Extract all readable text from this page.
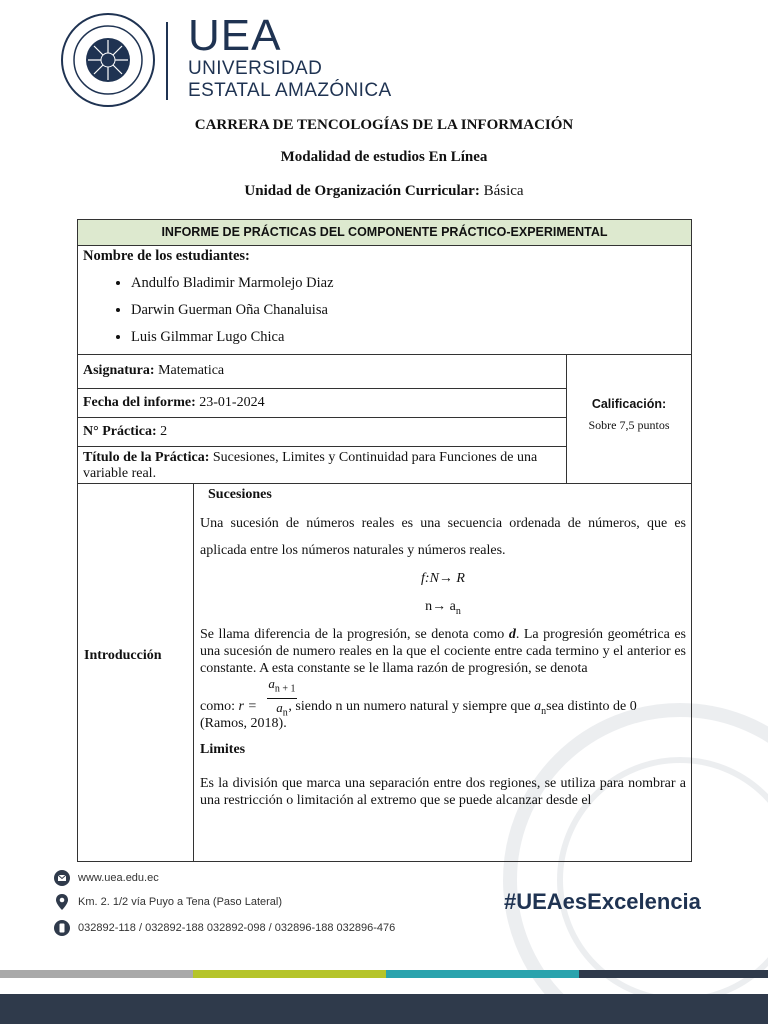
UEA
UNIVERSIDAD
ESTATAL AMAZÓNICA
CARRERA DE TENCOLOGÍAS DE LA INFORMACIÓN
Modalidad de estudios En Línea
Unidad de Organización Curricular: Básica
INFORME DE PRÁCTICAS DEL COMPONENTE PRÁCTICO-EXPERIMENTAL
Nombre de los estudiantes:
• Andulfo Bladimir Marmolejo Diaz
• Darwin Guerman Oña Chanaluisa
• Luis Gilmmar Lugo Chica
Asignatura: Matematica
Fecha del informe: 23-01-2024
N° Práctica: 2
Título de la Práctica: Sucesiones, Limites y Continuidad para Funciones de una variable real.
Calificación:
Sobre 7,5 puntos
Introducción
Sucesiones
Una sucesión de números reales es una secuencia ordenada de números, que es aplicada entre los números naturales y números reales.
f:N→ R
$n\to a_n$
Se llama diferencia de la progresión, se denota como d. La progresión geométrica es una sucesión de numero reales en la que el cociente entre cada termino y el anterior es constante. A esta constante se le llama razón de progresión, se denota
$\frac{a_{n + 1}}{a_n}$
como: r = , siendo n un numero natural y siempre que $a_nsea$ distinto de 0
(Ramos, 2018).
Limites
Es la división que marca una separación entre dos regiones, se utiliza para nombrar a una restricción o limitación al extremo que se puede alcanzar desde el
www.uea.edu.ec
Km. 2. 1/2 vía Puyo a Tena (Paso Lateral)
032892-118 / 032892-188 032892-098 / 032896-188 032896-476
#UEAesExcelencia
